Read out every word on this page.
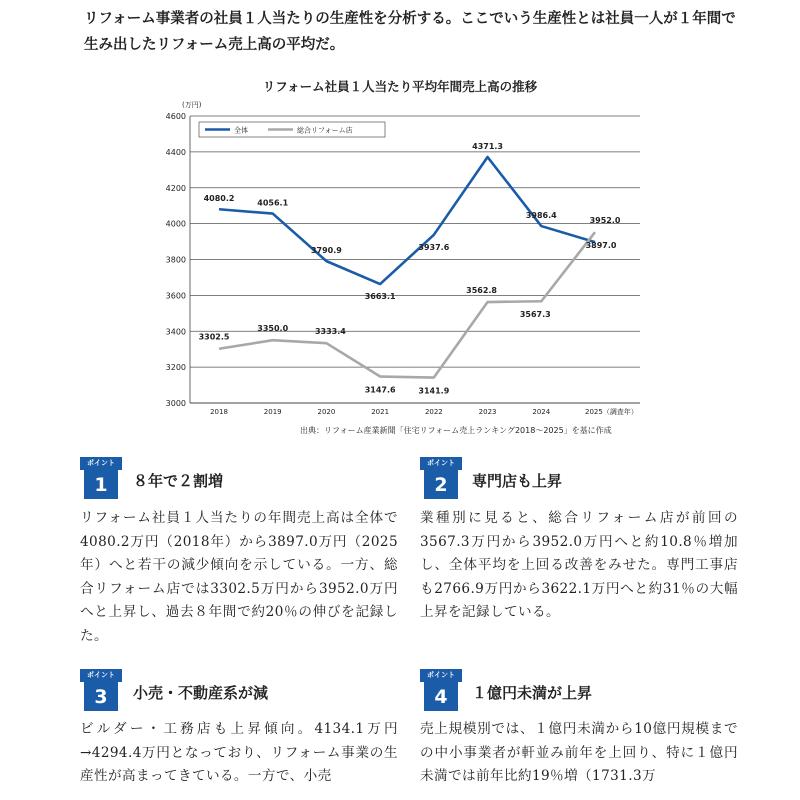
リフォーム事業者の社員１人当たりの生産性を分析する。ここでいう生産性とは社員一人が１年間で生み出したリフォーム売上高の平均だ。
リフォーム社員１人当たり平均年間売上高の推移
(万円)
3000
3200
3400
3600
3800
4000
4200
4400
4600
2018	2019	2020	2021	2022	2023	2024	2025（調査年）
全体	総合リフォーム店
4080.2	4056.1
3790.9
3663.1
3937.6
4371.3
3986.4
3897.0
3302.5
3350.0	3333.4
3147.6	3141.9
3562.8
3567.3
3952.0
出典：リフォーム産業新聞「住宅リフォーム売上ランキング2018～2025」を基に作成
ポイント
1	８年で２割増
リフォーム社員１人当たりの年間売上高は全体で4080.2万円（2018年）から3897.0万円（2025年）へと若干の減少傾向を示している。一方、総合リフォーム店では3302.5万円から3952.0万円へと上昇し、過去８年間で約20％の伸びを記録した。
ポイント
2	専門店も上昇
業種別に見ると、総合リフォーム店が前回の3567.3万円から3952.0万円へと約10.8％増加し、全体平均を上回る改善をみせた。専門工事店も2766.9万円から3622.1万円へと約31％の大幅上昇を記録している。
ポイント
3	小売・不動産系が減
ビルダー・工務店も上昇傾向。4134.1万円→4294.4万円となっており、リフォーム事業の生産性が高まってきている。一方で、小売
ポイント
4	１億円未満が上昇
売上規模別では、１億円未満から10億円規模までの中小事業者が軒並み前年を上回り、特に１億円未満では前年比約19％増（1731.3万
